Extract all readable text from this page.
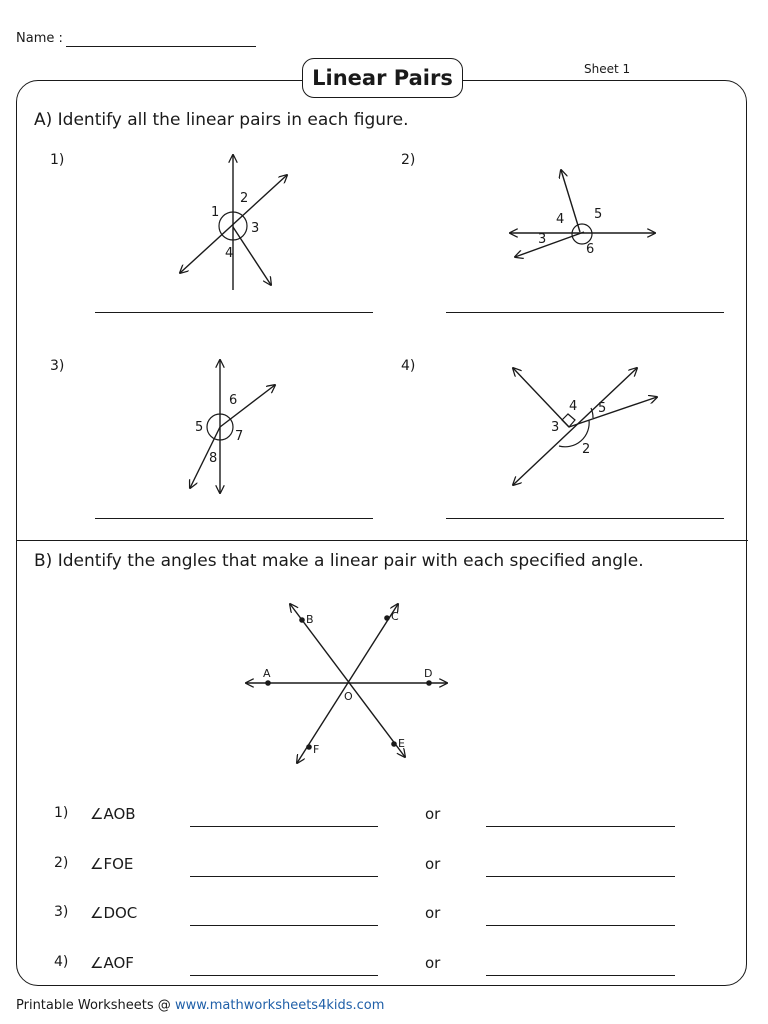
Name :
Sheet 1
Linear Pairs
A) Identify all the linear pairs in each figure.
1)	2)
3)	4)
1
2
3
4
4 5
3
6
5
6
7
8
4
3
5
2
B) Identify the angles that make a linear pair with each specified angle.
A
B	C
D
E
F
O
1) ∠AOB	or
2) ∠FOE	or
3) ∠DOC	or
4) ∠AOF	or
Printable Worksheets @ www.mathworksheets4kids.com
